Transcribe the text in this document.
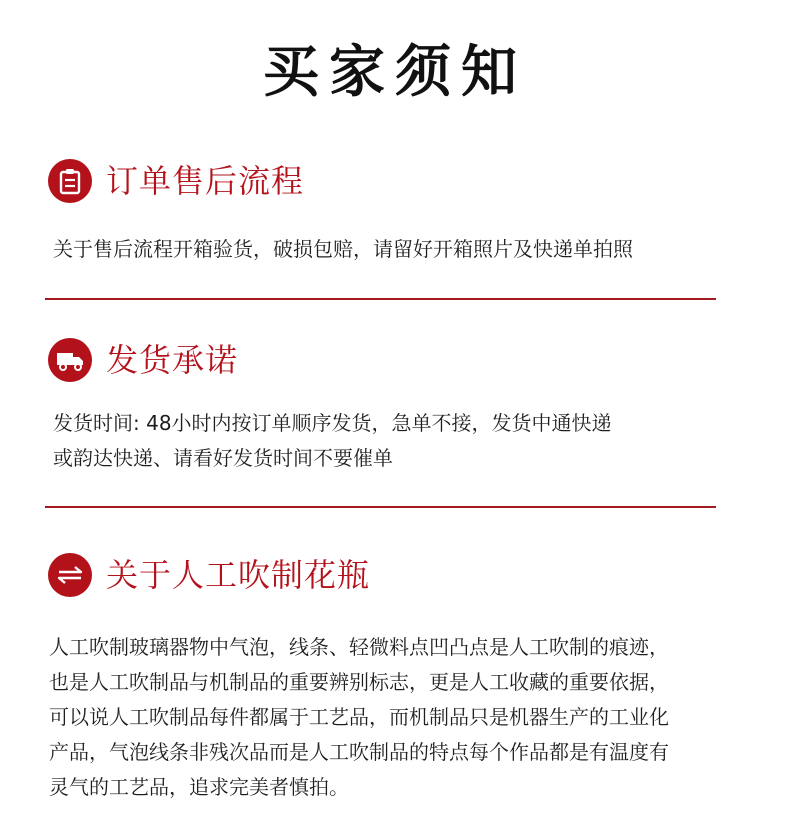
买家须知
订单售后流程

关于售后流程开箱验货，破损包赔，请留好开箱照片及快递单拍照

发货承诺

发货时间: 48小时内按订单顺序发货，急单不接，发货中通快递

或韵达快递、请看好发货时间不要催单

关于人工吹制花瓶

人工吹制玻璃器物中气泡，线条、轻微料点凹凸点是人工吹制的痕迹，

也是人工吹制品与机制品的重要辨别标志，更是人工收藏的重要依据，

可以说人工吹制品每件都属于工艺品，而机制品只是机器生产的工业化

产品，气泡线条非残次品而是人工吹制品的特点每个作品都是有温度有

灵气的工艺品，追求完美者慎拍。
